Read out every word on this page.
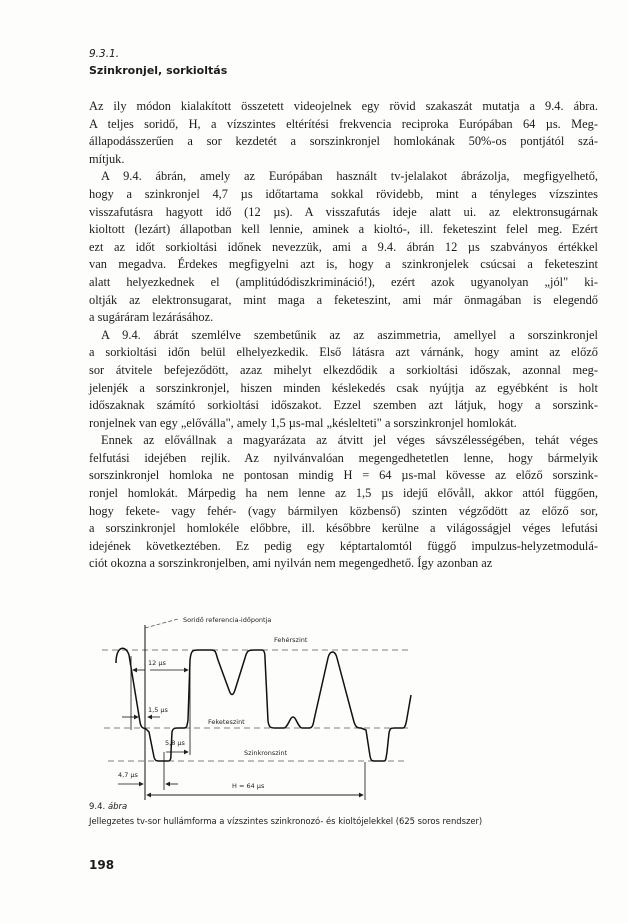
9.3.1.
Szinkronjel, sorkioltás

Az ily módon kialakított összetett videojelnek egy rövid szakaszát mutatja a 9.4. ábra.
A teljes soridő, H, a vízszintes eltérítési frekvencia reciproka Európában 64 µs. Meg-
állapodásszerűen a sor kezdetét a sorszinkronjel homlokának 50%-os pontjától szá-
mítjuk.

A 9.4. ábrán, amely az Európában használt tv-jelalakot ábrázolja, megfigyelhető,
hogy a szinkronjel 4,7 µs időtartama sokkal rövidebb, mint a tényleges vízszintes
visszafutásra hagyott idő (12 µs). A visszafutás ideje alatt ui. az elektronsugárnak
kioltott (lezárt) állapotban kell lennie, aminek a kioltó-, ill. feketeszint felel meg. Ezért
ezt az időt sorkioltási időnek nevezzük, ami a 9.4. ábrán 12 µs szabványos értékkel
van megadva. Érdekes megfigyelni azt is, hogy a szinkronjelek csúcsai a feketeszint
alatt helyezkednek el (amplitúdódiszkrimináció!), ezért azok ugyanolyan „jól" ki-
oltják az elektronsugarat, mint maga a feketeszint, ami már önmagában is elegendő
a sugáráram lezárásához.

A 9.4. ábrát szemlélve szembetűnik az az aszimmetria, amellyel a sorszinkronjel
a sorkioltási időn belül elhelyezkedik. Első látásra azt várnánk, hogy amint az előző
sor átvitele befejeződött, azaz mihelyt elkezdődik a sorkioltási időszak, azonnal meg-
jelenjék a sorszinkronjel, hiszen minden késlekedés csak nyújtja az egyébként is holt
időszaknak számító sorkioltási időszakot. Ezzel szemben azt látjuk, hogy a sorszink-
ronjelnek van egy „előválla", amely 1,5 µs-mal „késlelteti" a sorszinkronjel homlokát.

Ennek az elővállnak a magyarázata az átvitt jel véges sávszélességében, tehát véges
felfutási idejében rejlik. Az nyilvánvalóan megengedhetetlen lenne, hogy bármelyik
sorszinkronjel homloka ne pontosan mindig H = 64 µs-mal kövesse az előző sorszink-
ronjel homlokát. Márpedig ha nem lenne az 1,5 µs idejű elővåll, akkor attól függően,
hogy fekete- vagy fehér- (vagy bármilyen közbenső) szinten végződött az előző sor,
a sorszinkronjel homlokéle előbbre, ill. későbbre kerülne a világosságjel véges lefutási
idejének következtében. Ez pedig egy képtartalomtól függő impulzus-helyzetmodulá-
ciót okozna a sorszinkronjelben, ami nyilván nem megengedhető. Így azonban az

Soridő referencia-időpontja
Fehérszint
Feketeszint
Szinkronszint
12 µs
1,5 µs
5,8 µs
4,7 µs
H = 64 µs
9.4. ábra
Jellegzetes tv-sor hullámforma a vízszintes szinkronozó- és kioltójelekkel (625 soros rendszer)
198
